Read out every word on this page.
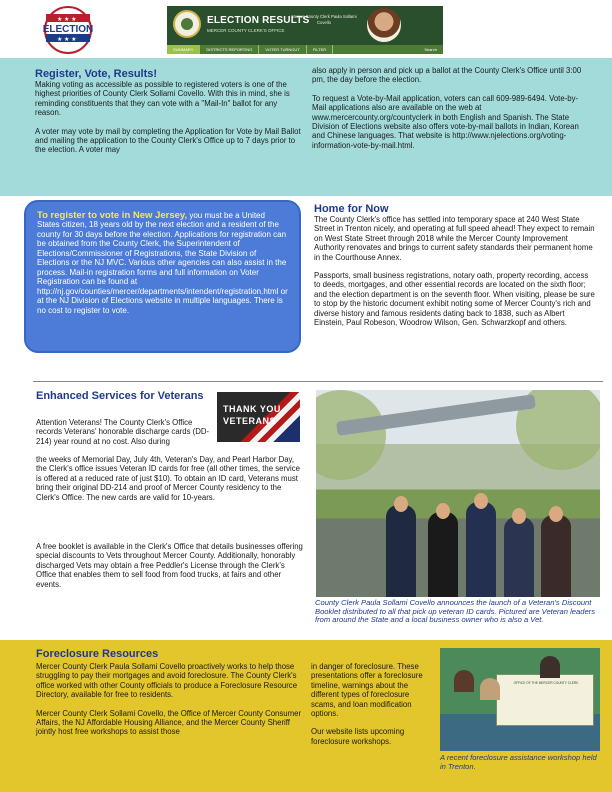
ELECTION
★ ★ ★
★ ★ ★
ELECTION RESULTS
MERCER COUNTY CLERK'S OFFICE
Mercer County Clerk Paula Sollami Covello
SUMMARY	DISTRICTS REPORTING	VOTER TURNOUT	FILTER	Search
Register, Vote, Results!

Making voting as accessible as possible to registered voters is one of the highest priorities of County Clerk Sollami Covello. With this in mind, she is reminding constituents that they can vote with a "Mail-In" ballot for any reason.

A voter may vote by mail by completing the Application for Vote by Mail Ballot and mailing the application to the County Clerk's Office up to 7 days prior to the election. A voter may

also apply in person and pick up a ballot at the County Clerk's Office until 3:00 pm, the day before the election.

To request a Vote-by-Mail application, voters can call 609-989-6494. Vote-by-Mail applications also are available on the web at www.mercercounty.org/countyclerk in both English and Spanish. The State Division of Elections website also offers vote-by-mail ballots in Indian, Korean and Chinese languages. That website is http://www.njelections.org/voting-information-vote-by-mail.html.

To register to vote in New Jersey, you must be a United States citizen, 18 years old by the next election and a resident of the county for 30 days before the election. Applications for registration can be obtained from the County Clerk, the Superintendent of Elections/Commissioner of Registrations, the State Division of Elections or the NJ MVC. Various other agencies can also assist in the process. Mail-in registration forms and full information on Voter Registration can be found at http://nj.gov/counties/mercer/departments/intendent/registration.html or at the NJ Division of Elections website in multiple languages. There is no cost to register to vote.

Home for Now

The County Clerk's office has settled into temporary space at 240 West State Street in Trenton nicely, and operating at full speed ahead! They expect to remain on West State Street through 2018 while the Mercer County Improvement Authority renovates and brings to current safety standards their permanent home in the Courthouse Annex.

Passports, small business registrations, notary oath, property recording, access to deeds, mortgages, and other essential records are located on the sixth floor; and the election department is on the seventh floor. When visiting, please be sure to stop by the historic document exhibit noting some of Mercer County's rich and diverse history and famous residents dating back to 1838, such as Albert Einstein, Paul Robeson, Woodrow Wilson, Gen. Schwarzkopf and others.

Enhanced Services for Veterans
THANK YOU
VETERANS

Attention Veterans! The County Clerk's Office records Veterans' honorable discharge cards (DD-214) year round at no cost. Also during

the weeks of Memorial Day, July 4th, Veteran's Day, and Pearl Harbor Day, the Clerk's office issues Veteran ID cards for free (all other times, the service is offered at a reduced rate of just $10). To obtain an ID card, Veterans must bring their original DD-214 and proof of Mercer County residency to the Clerk's Office. The new cards are valid for 10-years.

A free booklet is available in the Clerk's Office that details businesses offering special discounts to Vets throughout Mercer County. Additionally, honorably discharged Vets may obtain a free Peddler's License through the Clerk's Office that enables them to sell food from food trucks, at fairs and other events.

County Clerk Paula Sollami Covello announces the launch of a Veteran's Discount Booklet distributed to all that pick up veteran ID cards. Pictured are Veteran leaders from around the State and a local business owner who is also a Vet.

Foreclosure Resources

Mercer County Clerk Paula Sollami Covello proactively works to help those struggling to pay their mortgages and avoid foreclosure. The County Clerk's office worked with other County officials to produce a Foreclosure Resource Directory, available for free to residents.

Mercer County Clerk Sollami Covello, the Office of Mercer County Consumer Affairs, the NJ Affordable Housing Alliance, and the Mercer County Sheriff jointly host free workshops to assist those

in danger of foreclosure. These presentations offer a foreclosure timeline, warnings about the different types of foreclosure scams, and loan modification options.

Our website lists upcoming foreclosure workshops.

OFFICE OF THE MERCER COUNTY CLERK

A recent foreclosure assistance workshop held in Trenton.
